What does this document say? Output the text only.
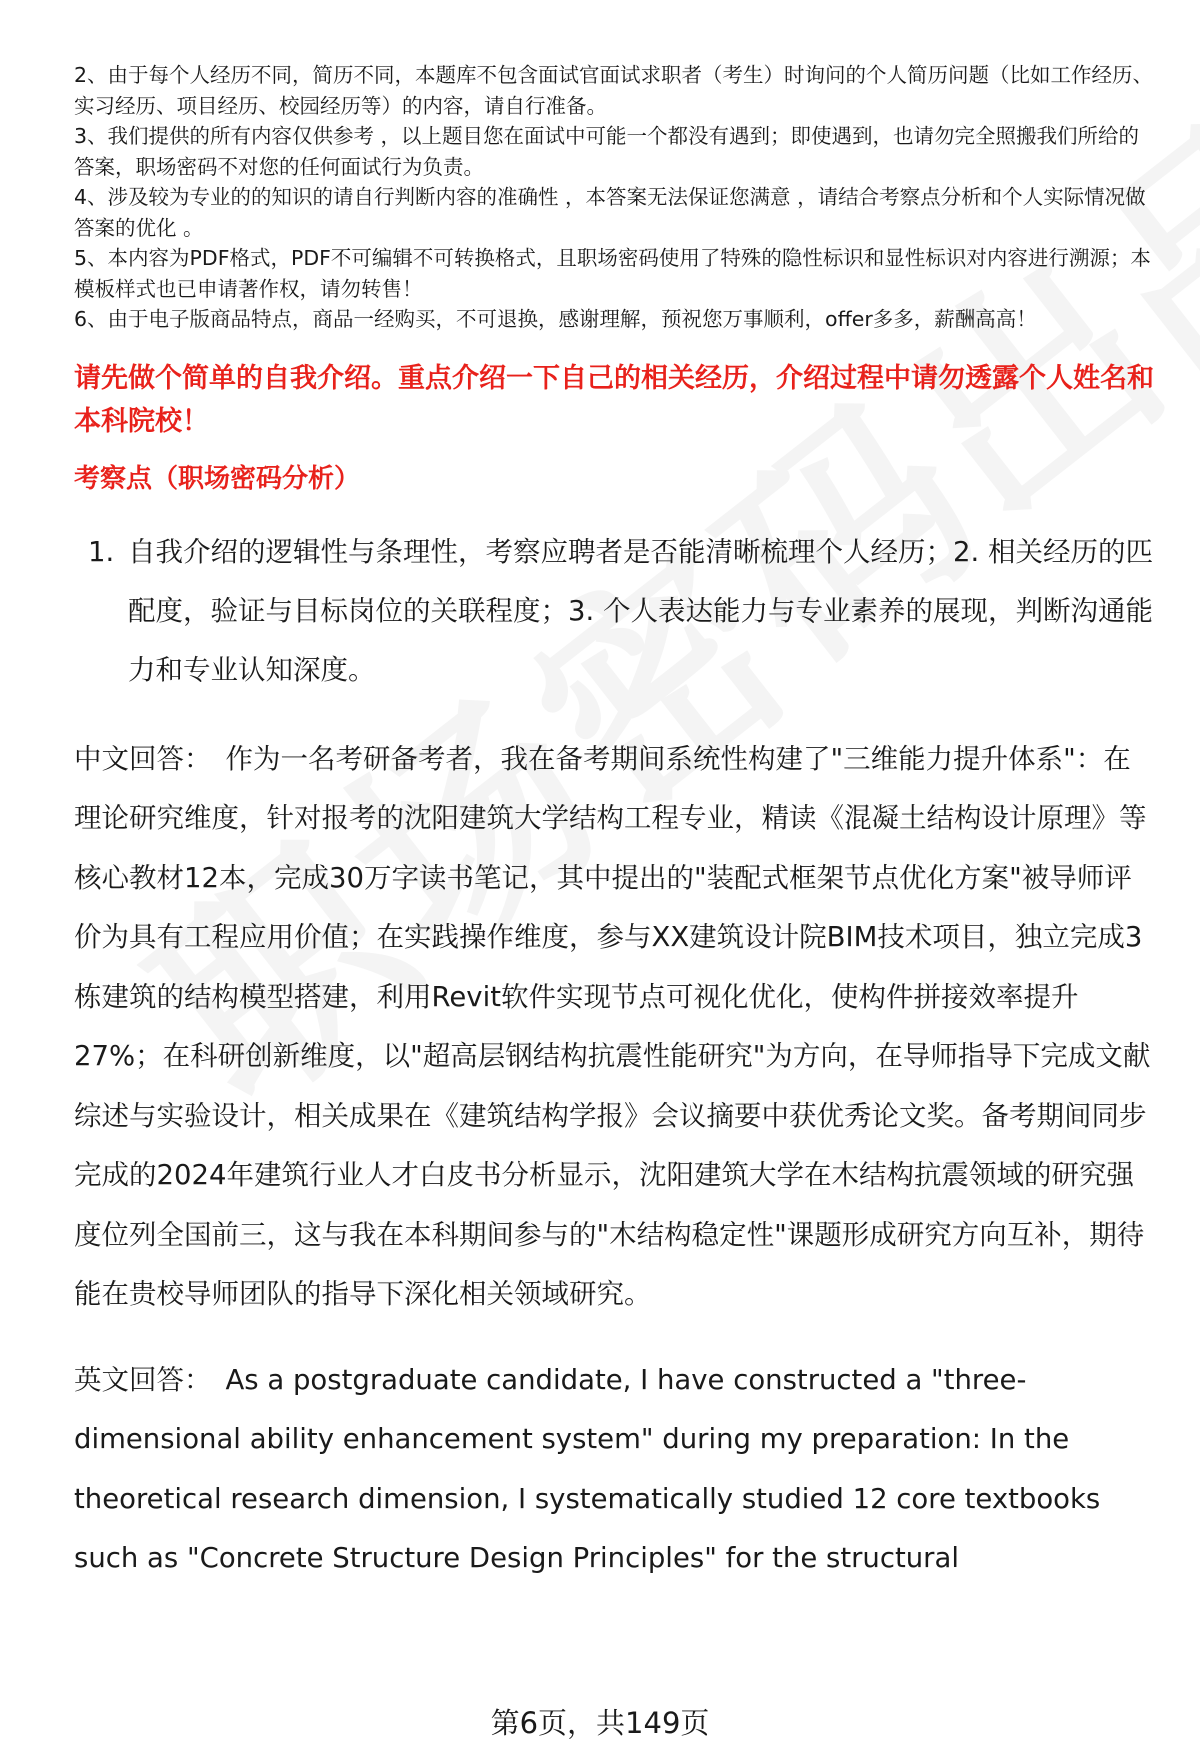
2、由于每个人经历不同，简历不同，本题库不包含面试官面试求职者（考生）时询问的个人简历问题（比如工作经历、实习经历、项目经历、校园经历等）的内容，请自行准备。
3、我们提供的所有内容仅供参考 ，以上题目您在面试中可能一个都没有遇到；即使遇到，也请勿完全照搬我们所给的答案，职场密码不对您的任何面试行为负责。
4、涉及较为专业的的知识的请自行判断内容的准确性 ，本答案无法保证您满意 ，请结合考察点分析和个人实际情况做答案的优化 。
5、本内容为PDF格式，PDF不可编辑不可转换格式，且职场密码使用了特殊的隐性标识和显性标识对内容进行溯源；本模板样式也已申请著作权，请勿转售！
6、由于电子版商品特点，商品一经购买，不可退换，感谢理解，预祝您万事顺利，offer多多，薪酬高高！
请先做个简单的自我介绍。重点介绍一下自己的相关经历，介绍过程中请勿透露个人姓名和本科院校！
考察点（职场密码分析）
1. 自我介绍的逻辑性与条理性，考察应聘者是否能清晰梳理个人经历；2. 相关经历的匹配度，验证与目标岗位的关联程度；3. 个人表达能力与专业素养的展现，判断沟通能力和专业认知深度。
中文回答： 作为一名考研备考者，我在备考期间系统性构建了"三维能力提升体系"：在理论研究维度，针对报考的沈阳建筑大学结构工程专业，精读《混凝土结构设计原理》等核心教材12本，完成30万字读书笔记，其中提出的"装配式框架节点优化方案"被导师评价为具有工程应用价值；在实践操作维度，参与XX建筑设计院BIM技术项目，独立完成3栋建筑的结构模型搭建，利用Revit软件实现节点可视化优化，使构件拼接效率提升27%；在科研创新维度，以"超高层钢结构抗震性能研究"为方向，在导师指导下完成文献综述与实验设计，相关成果在《建筑结构学报》会议摘要中获优秀论文奖。备考期间同步完成的2024年建筑行业人才白皮书分析显示，沈阳建筑大学在木结构抗震领域的研究强度位列全国前三，这与我在本科期间参与的"木结构稳定性"课题形成研究方向互补，期待能在贵校导师团队的指导下深化相关领域研究。
英文回答： As a postgraduate candidate, I have constructed a "three-dimensional ability enhancement system" during my preparation: In the theoretical research dimension, I systematically studied 12 core textbooks such as "Concrete Structure Design Principles" for the structural
第6页，共149页
